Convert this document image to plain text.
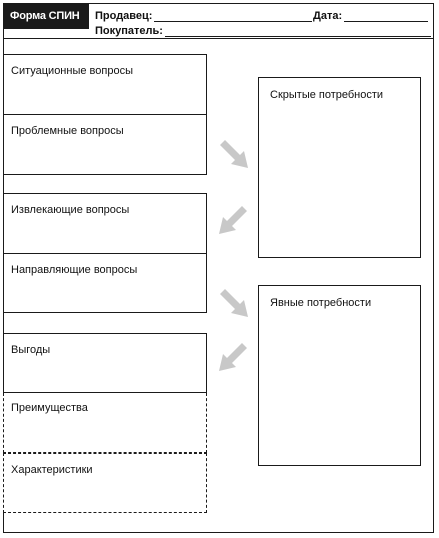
Форма СПИН	Продавец:	Дата:
Покупатель:
Ситуационные вопросы
Проблемные вопросы
Извлекающие вопросы
Направляющие вопросы
Выгоды
Преимущества
Характеристики
Скрытые потребности
Явные потребности
